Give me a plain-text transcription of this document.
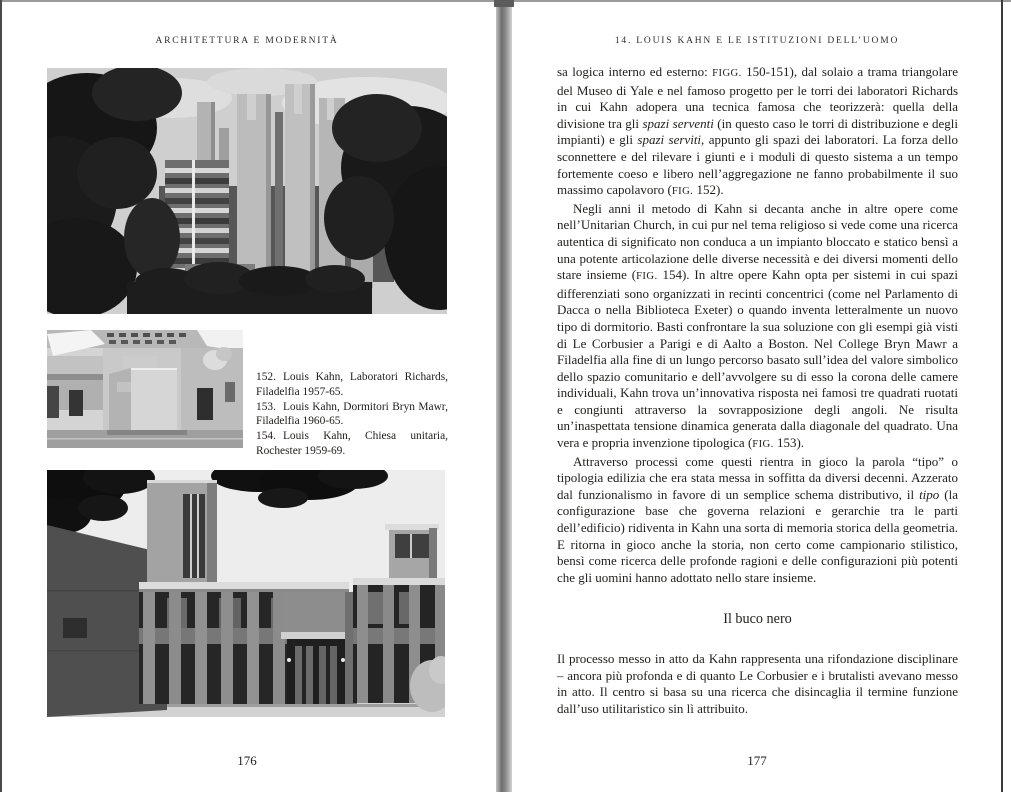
ARCHITETTURA E MODERNITÀ

152. Louis Kahn, Laboratori Richards, Filadelfia 1957-65.

153. Louis Kahn, Dormitori Bryn Mawr, Filadelfia 1960-65.

154. Louis Kahn, Chiesa unitaria, Rochester 1959-69.

176
14. LOUIS KAHN E LE ISTITUZIONI DELL’UOMO

sa logica interno ed esterno: FIGG. 150-151), dal solaio a trama triangolare del Museo di Yale e nel famoso progetto per le torri dei laboratori Richards in cui Kahn adopera una tecnica famosa che teorizzerà: quella della divisione tra gli spazi serventi (in questo caso le torri di distribuzione e degli impianti) e gli spazi serviti, appunto gli spazi dei laboratori. La forza dello sconnettere e del rilevare i giunti e i moduli di questo sistema a un tempo fortemente coeso e libero nell’aggregazione ne fanno probabilmente il suo massimo capolavoro (FIG. 152).

Negli anni il metodo di Kahn si decanta anche in altre opere come nell’Unitarian Church, in cui pur nel tema religioso si vede come una ricerca autentica di significato non conduca a un impianto bloccato e statico bensì a una potente articolazione delle diverse necessità e dei diversi momenti dello stare insieme (FIG. 154). In altre opere Kahn opta per sistemi in cui spazi differenziati sono organizzati in recinti concentrici (come nel Parlamento di Dacca o nella Biblioteca Exeter) o quando inventa letteralmente un nuovo tipo di dormitorio. Basti confrontare la sua soluzione con gli esempi già visti di Le Corbusier a Parigi e di Aalto a Boston. Nel College Bryn Mawr a Filadelfia alla fine di un lungo percorso basato sull’idea del valore simbolico dello spazio comunitario e dell’avvolgere su di esso la corona delle camere individuali, Kahn trova un’innovativa risposta nei famosi tre quadrati ruotati e congiunti attraverso la sovrapposizione degli angoli. Ne risulta un’inaspettata tensione dinamica generata dalla diagonale del quadrato. Una vera e propria invenzione tipologica (FIG. 153).

Attraverso processi come questi rientra in gioco la parola “tipo” o tipologia edilizia che era stata messa in soffitta da diversi decenni. Azzerato dal funzionalismo in favore di un semplice schema distributivo, il tipo (la configurazione base che governa relazioni e gerarchie tra le parti dell’edificio) ridiventa in Kahn una sorta di memoria storica della geometria. E ritorna in gioco anche la storia, non certo come campionario stilistico, bensì come ricerca delle profonde ragioni e delle configurazioni più potenti che gli uomini hanno adottato nello stare insieme.

Il buco nero

Il processo messo in atto da Kahn rappresenta una rifondazione disciplinare – ancora più profonda e di quanto Le Corbusier e i brutalisti avevano messo in atto. Il centro si basa su una ricerca che disincaglia il termine funzione dall’uso utilitaristico sin lì attribuito.

177
